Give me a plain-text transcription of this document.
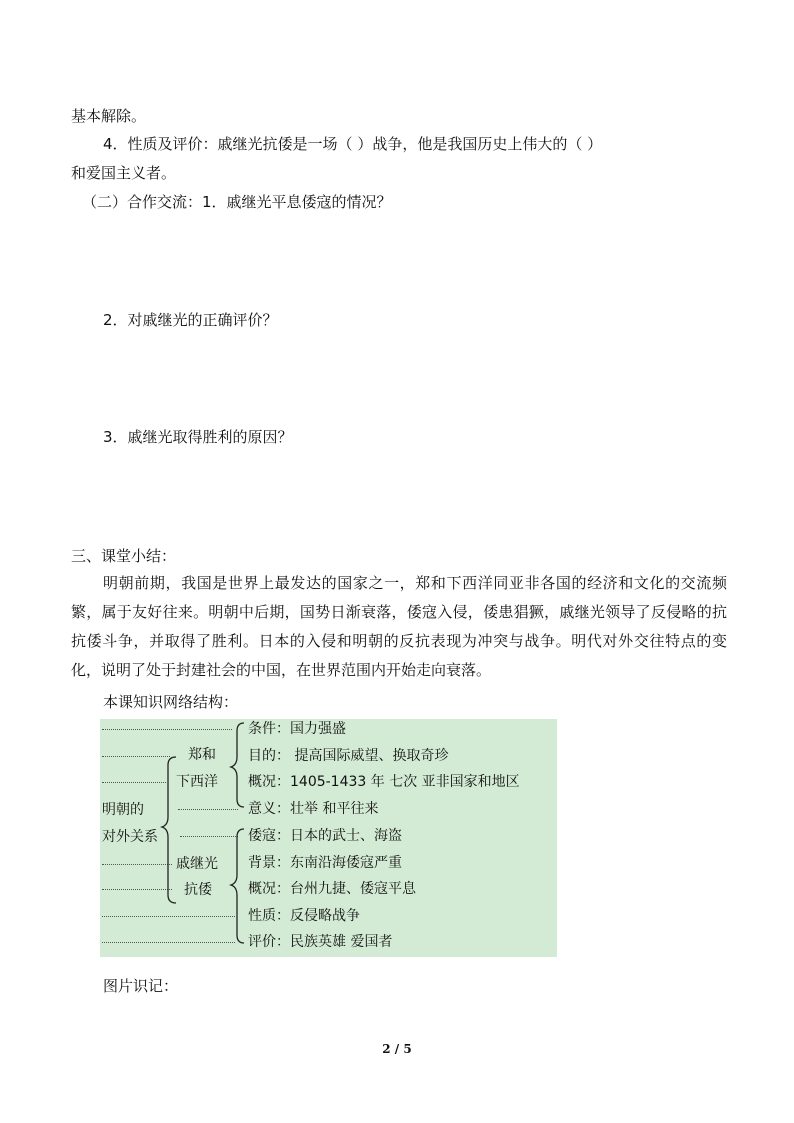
基本解除。
4．性质及评价：戚继光抗倭是一场（ ）战争，他是我国历史上伟大的（ ）
和爱国主义者。
（二）合作交流：1．戚继光平息倭寇的情况？
2．对戚继光的正确评价？
3．戚继光取得胜利的原因？
三、课堂小结：
明朝前期，我国是世界上最发达的国家之一，郑和下西洋同亚非各国的经济和文化的交流频繁，属于友好往来。明朝中后期，国势日渐衰落，倭寇入侵，倭患猖獗，戚继光领导了反侵略的抗抗倭斗争，并取得了胜利。日本的入侵和明朝的反抗表现为冲突与战争。明代对外交往特点的变化，说明了处于封建社会的中国，在世界范围内开始走向衰落。
本课知识网络结构：
明朝的
对外关系
郑和
下西洋
戚继光
抗倭
条件：国力强盛
目的： 提高国际威望、换取奇珍
概况：1405-1433 年 七次 亚非国家和地区
意义：壮举 和平往来
倭寇：日本的武士、海盗
背景：东南沿海倭寇严重
概况：台州九捷、倭寇平息
性质：反侵略战争
评价：民族英雄 爱国者
图片识记：
2 / 5
